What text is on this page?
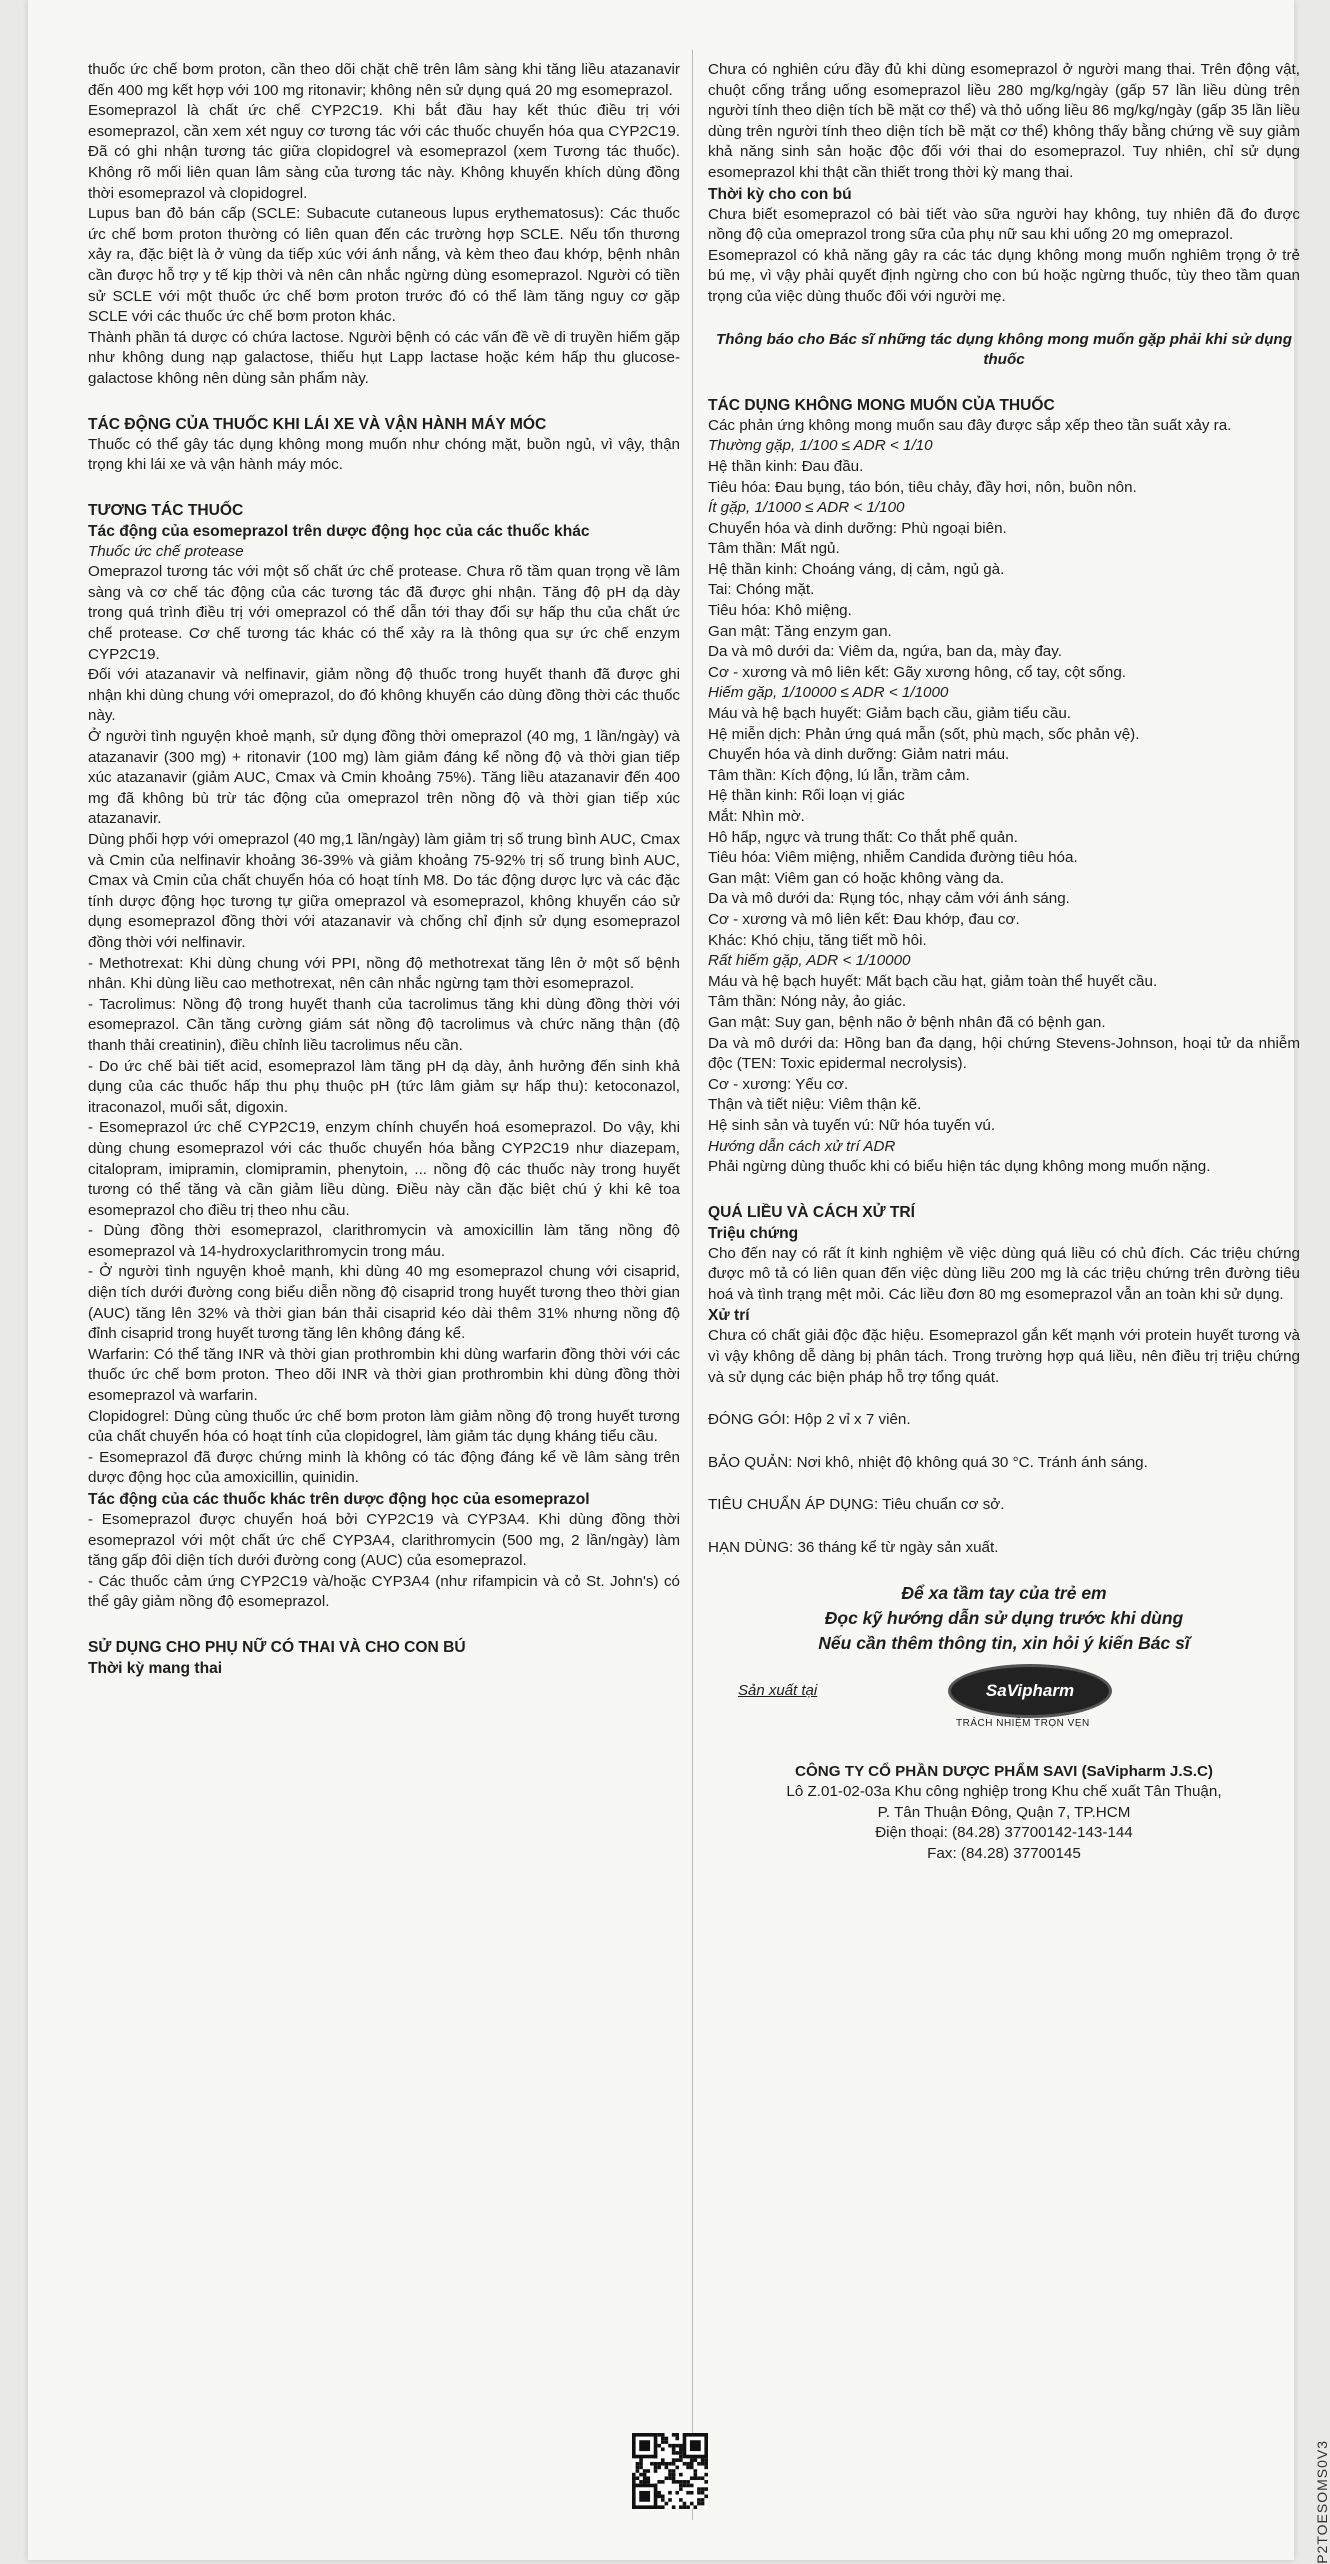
thuốc ức chế bơm proton, cần theo dõi chặt chẽ trên lâm sàng khi tăng liều atazanavir đến 400 mg kết hợp với 100 mg ritonavir; không nên sử dụng quá 20 mg esomeprazol.

Esomeprazol là chất ức chế CYP2C19. Khi bắt đầu hay kết thúc điều trị với esomeprazol, cần xem xét nguy cơ tương tác với các thuốc chuyển hóa qua CYP2C19. Đã có ghi nhận tương tác giữa clopidogrel và esomeprazol (xem Tương tác thuốc). Không rõ mối liên quan lâm sàng của tương tác này. Không khuyến khích dùng đồng thời esomeprazol và clopidogrel.

Lupus ban đỏ bán cấp (SCLE: Subacute cutaneous lupus erythematosus): Các thuốc ức chế bơm proton thường có liên quan đến các trường hợp SCLE. Nếu tổn thương xảy ra, đặc biệt là ở vùng da tiếp xúc với ánh nắng, và kèm theo đau khớp, bệnh nhân cần được hỗ trợ y tế kịp thời và nên cân nhắc ngừng dùng esomeprazol. Người có tiền sử SCLE với một thuốc ức chế bơm proton trước đó có thể làm tăng nguy cơ gặp SCLE với các thuốc ức chế bơm proton khác.

Thành phần tá dược có chứa lactose. Người bệnh có các vấn đề về di truyền hiếm gặp như không dung nạp galactose, thiếu hụt Lapp lactase hoặc kém hấp thu glucose-galactose không nên dùng sản phẩm này.

TÁC ĐỘNG CỦA THUỐC KHI LÁI XE VÀ VẬN HÀNH MÁY MÓC

Thuốc có thể gây tác dụng không mong muốn như chóng mặt, buồn ngủ, vì vậy, thận trọng khi lái xe và vận hành máy móc.

TƯƠNG TÁC THUỐC

Tác động của esomeprazol trên dược động học của các thuốc khác

Thuốc ức chế protease

Omeprazol tương tác với một số chất ức chế protease. Chưa rõ tầm quan trọng về lâm sàng và cơ chế tác động của các tương tác đã được ghi nhận. Tăng độ pH dạ dày trong quá trình điều trị với omeprazol có thể dẫn tới thay đổi sự hấp thu của chất ức chế protease. Cơ chế tương tác khác có thể xảy ra là thông qua sự ức chế enzym CYP2C19.

Đối với atazanavir và nelfinavir, giảm nồng độ thuốc trong huyết thanh đã được ghi nhận khi dùng chung với omeprazol, do đó không khuyến cáo dùng đồng thời các thuốc này.

Ở người tình nguyện khoẻ mạnh, sử dụng đồng thời omeprazol (40 mg, 1 lần/ngày) và atazanavir (300 mg) + ritonavir (100 mg) làm giảm đáng kể nồng độ và thời gian tiếp xúc atazanavir (giảm AUC, Cmax và Cmin khoảng 75%). Tăng liều atazanavir đến 400 mg đã không bù trừ tác động của omeprazol trên nồng độ và thời gian tiếp xúc atazanavir.

Dùng phối hợp với omeprazol (40 mg,1 lần/ngày) làm giảm trị số trung bình AUC, Cmax và Cmin của nelfinavir khoảng 36-39% và giảm khoảng 75-92% trị số trung bình AUC, Cmax và Cmin của chất chuyển hóa có hoạt tính M8. Do tác động dược lực và các đặc tính dược động học tương tự giữa omeprazol và esomeprazol, không khuyến cáo sử dụng esomeprazol đồng thời với atazanavir và chống chỉ định sử dụng esomeprazol đồng thời với nelfinavir.

- Methotrexat: Khi dùng chung với PPI, nồng độ methotrexat tăng lên ở một số bệnh nhân. Khi dùng liều cao methotrexat, nên cân nhắc ngừng tạm thời esomeprazol.

- Tacrolimus: Nồng độ trong huyết thanh của tacrolimus tăng khi dùng đồng thời với esomeprazol. Cần tăng cường giám sát nồng độ tacrolimus và chức năng thận (độ thanh thải creatinin), điều chỉnh liều tacrolimus nếu cần.

- Do ức chế bài tiết acid, esomeprazol làm tăng pH dạ dày, ảnh hưởng đến sinh khả dụng của các thuốc hấp thu phụ thuộc pH (tức lâm giảm sự hấp thu): ketoconazol, itraconazol, muối sắt, digoxin.

- Esomeprazol ức chế CYP2C19, enzym chính chuyển hoá esomeprazol. Do vậy, khi dùng chung esomeprazol với các thuốc chuyển hóa bằng CYP2C19 như diazepam, citalopram, imipramin, clomipramin, phenytoin, ... nồng độ các thuốc này trong huyết tương có thể tăng và cần giảm liều dùng. Điều này cần đặc biệt chú ý khi kê toa esomeprazol cho điều trị theo nhu cầu.

- Dùng đồng thời esomeprazol, clarithromycin và amoxicillin làm tăng nồng độ esomeprazol và 14-hydroxyclarithromycin trong máu.

- Ở người tình nguyện khoẻ mạnh, khi dùng 40 mg esomeprazol chung với cisaprid, diện tích dưới đường cong biểu diễn nồng độ cisaprid trong huyết tương theo thời gian (AUC) tăng lên 32% và thời gian bán thải cisaprid kéo dài thêm 31% nhưng nồng độ đỉnh cisaprid trong huyết tương tăng lên không đáng kể.

Warfarin: Có thể tăng INR và thời gian prothrombin khi dùng warfarin đồng thời với các thuốc ức chế bơm proton. Theo dõi INR và thời gian prothrombin khi dùng đồng thời esomeprazol và warfarin.

Clopidogrel: Dùng cùng thuốc ức chế bơm proton làm giảm nồng độ trong huyết tương của chất chuyển hóa có hoạt tính của clopidogrel, làm giảm tác dụng kháng tiểu cầu.

- Esomeprazol đã được chứng minh là không có tác động đáng kể về lâm sàng trên dược động học của amoxicillin, quinidin.

Tác động của các thuốc khác trên dược động học của esomeprazol

- Esomeprazol được chuyển hoá bởi CYP2C19 và CYP3A4. Khi dùng đồng thời esomeprazol với một chất ức chế CYP3A4, clarithromycin (500 mg, 2 lần/ngày) làm tăng gấp đôi diện tích dưới đường cong (AUC) của esomeprazol.

- Các thuốc cảm ứng CYP2C19 và/hoặc CYP3A4 (như rifampicin và cỏ St. John's) có thể gây giảm nồng độ esomeprazol.

SỬ DỤNG CHO PHỤ NỮ CÓ THAI VÀ CHO CON BÚ

Thời kỳ mang thai

Chưa có nghiên cứu đầy đủ khi dùng esomeprazol ở người mang thai. Trên động vật, chuột cống trắng uống esomeprazol liều 280 mg/kg/ngày (gấp 57 lần liều dùng trên người tính theo diện tích bề mặt cơ thể) và thỏ uống liều 86 mg/kg/ngày (gấp 35 lần liều dùng trên người tính theo diện tích bề mặt cơ thể) không thấy bằng chứng về suy giảm khả năng sinh sản hoặc độc đối với thai do esomeprazol. Tuy nhiên, chỉ sử dụng esomeprazol khi thật cần thiết trong thời kỳ mang thai.

Thời kỳ cho con bú

Chưa biết esomeprazol có bài tiết vào sữa người hay không, tuy nhiên đã đo được nồng độ của omeprazol trong sữa của phụ nữ sau khi uống 20 mg omeprazol.

Esomeprazol có khả năng gây ra các tác dụng không mong muốn nghiêm trọng ở trẻ bú mẹ, vì vậy phải quyết định ngừng cho con bú hoặc ngừng thuốc, tùy theo tầm quan trọng của việc dùng thuốc đối với người mẹ.

Thông báo cho Bác sĩ những tác dụng không mong muốn gặp phải khi sử dụng thuốc

TÁC DỤNG KHÔNG MONG MUỐN CỦA THUỐC

Các phản ứng không mong muốn sau đây được sắp xếp theo tần suất xảy ra.

Thường gặp, 1/100 ≤ ADR < 1/10

Hệ thần kinh: Đau đầu.

Tiêu hóa: Đau bụng, táo bón, tiêu chảy, đầy hơi, nôn, buồn nôn.

Ít gặp, 1/1000 ≤ ADR < 1/100

Chuyển hóa và dinh dưỡng: Phù ngoại biên.

Tâm thần: Mất ngủ.

Hệ thần kinh: Choáng váng, dị cảm, ngủ gà.

Tai: Chóng mặt.

Tiêu hóa: Khô miệng.

Gan mật: Tăng enzym gan.

Da và mô dưới da: Viêm da, ngứa, ban da, mày đay.

Cơ - xương và mô liên kết: Gãy xương hông, cổ tay, cột sống.

Hiếm gặp, 1/10000 ≤ ADR < 1/1000

Máu và hệ bạch huyết: Giảm bạch cầu, giảm tiểu cầu.

Hệ miễn dịch: Phản ứng quá mẫn (sốt, phù mạch, sốc phản vệ).

Chuyển hóa và dinh dưỡng: Giảm natri máu.

Tâm thần: Kích động, lú lẫn, trầm cảm.

Hệ thần kinh: Rối loạn vị giác

Mắt: Nhìn mờ.

Hô hấp, ngực và trung thất: Co thắt phế quản.

Tiêu hóa: Viêm miệng, nhiễm Candida đường tiêu hóa.

Gan mật: Viêm gan có hoặc không vàng da.

Da và mô dưới da: Rụng tóc, nhạy cảm với ánh sáng.

Cơ - xương và mô liên kết: Đau khớp, đau cơ.

Khác: Khó chịu, tăng tiết mồ hôi.

Rất hiếm gặp, ADR < 1/10000

Máu và hệ bạch huyết: Mất bạch cầu hạt, giảm toàn thể huyết cầu.

Tâm thần: Nóng nảy, ảo giác.

Gan mật: Suy gan, bệnh não ở bệnh nhân đã có bệnh gan.

Da và mô dưới da: Hồng ban đa dạng, hội chứng Stevens-Johnson, hoại tử da nhiễm độc (TEN: Toxic epidermal necrolysis).

Cơ - xương: Yếu cơ.

Thận và tiết niệu: Viêm thận kẽ.

Hệ sinh sản và tuyến vú: Nữ hóa tuyến vú.

Hướng dẫn cách xử trí ADR

Phải ngừng dùng thuốc khi có biểu hiện tác dụng không mong muốn nặng.

QUÁ LIỀU VÀ CÁCH XỬ TRÍ

Triệu chứng

Cho đến nay có rất ít kinh nghiệm về việc dùng quá liều có chủ đích. Các triệu chứng được mô tả có liên quan đến việc dùng liều 200 mg là các triệu chứng trên đường tiêu hoá và tình trạng mệt mỏi. Các liều đơn 80 mg esomeprazol vẫn an toàn khi sử dụng.

Xử trí

Chưa có chất giải độc đặc hiệu. Esomeprazol gắn kết mạnh với protein huyết tương và vì vậy không dễ dàng bị phân tách. Trong trường hợp quá liều, nên điều trị triệu chứng và sử dụng các biện pháp hỗ trợ tổng quát.

ĐÓNG GÓI: Hộp 2 vỉ x 7 viên.

BẢO QUẢN: Nơi khô, nhiệt độ không quá 30 °C. Tránh ánh sáng.

TIÊU CHUẨN ÁP DỤNG: Tiêu chuẩn cơ sở.

HẠN DÙNG: 36 tháng kể từ ngày sản xuất.

Để xa tầm tay của trẻ em

Đọc kỹ hướng dẫn sử dụng trước khi dùng

Nếu cần thêm thông tin, xin hỏi ý kiến Bác sĩ

Sản xuất tại	SaVipharm
TRÁCH NHIỆM TRỌN VẸN

CÔNG TY CỔ PHẦN DƯỢC PHẨM SAVI (SaVipharm J.S.C)

Lô Z.01-02-03a Khu công nghiệp trong Khu chế xuất Tân Thuận,

P. Tân Thuận Đông, Quận 7, TP.HCM

Điện thoại: (84.28) 37700142-143-144

Fax: (84.28) 37700145

P2TOESOMS0V3
